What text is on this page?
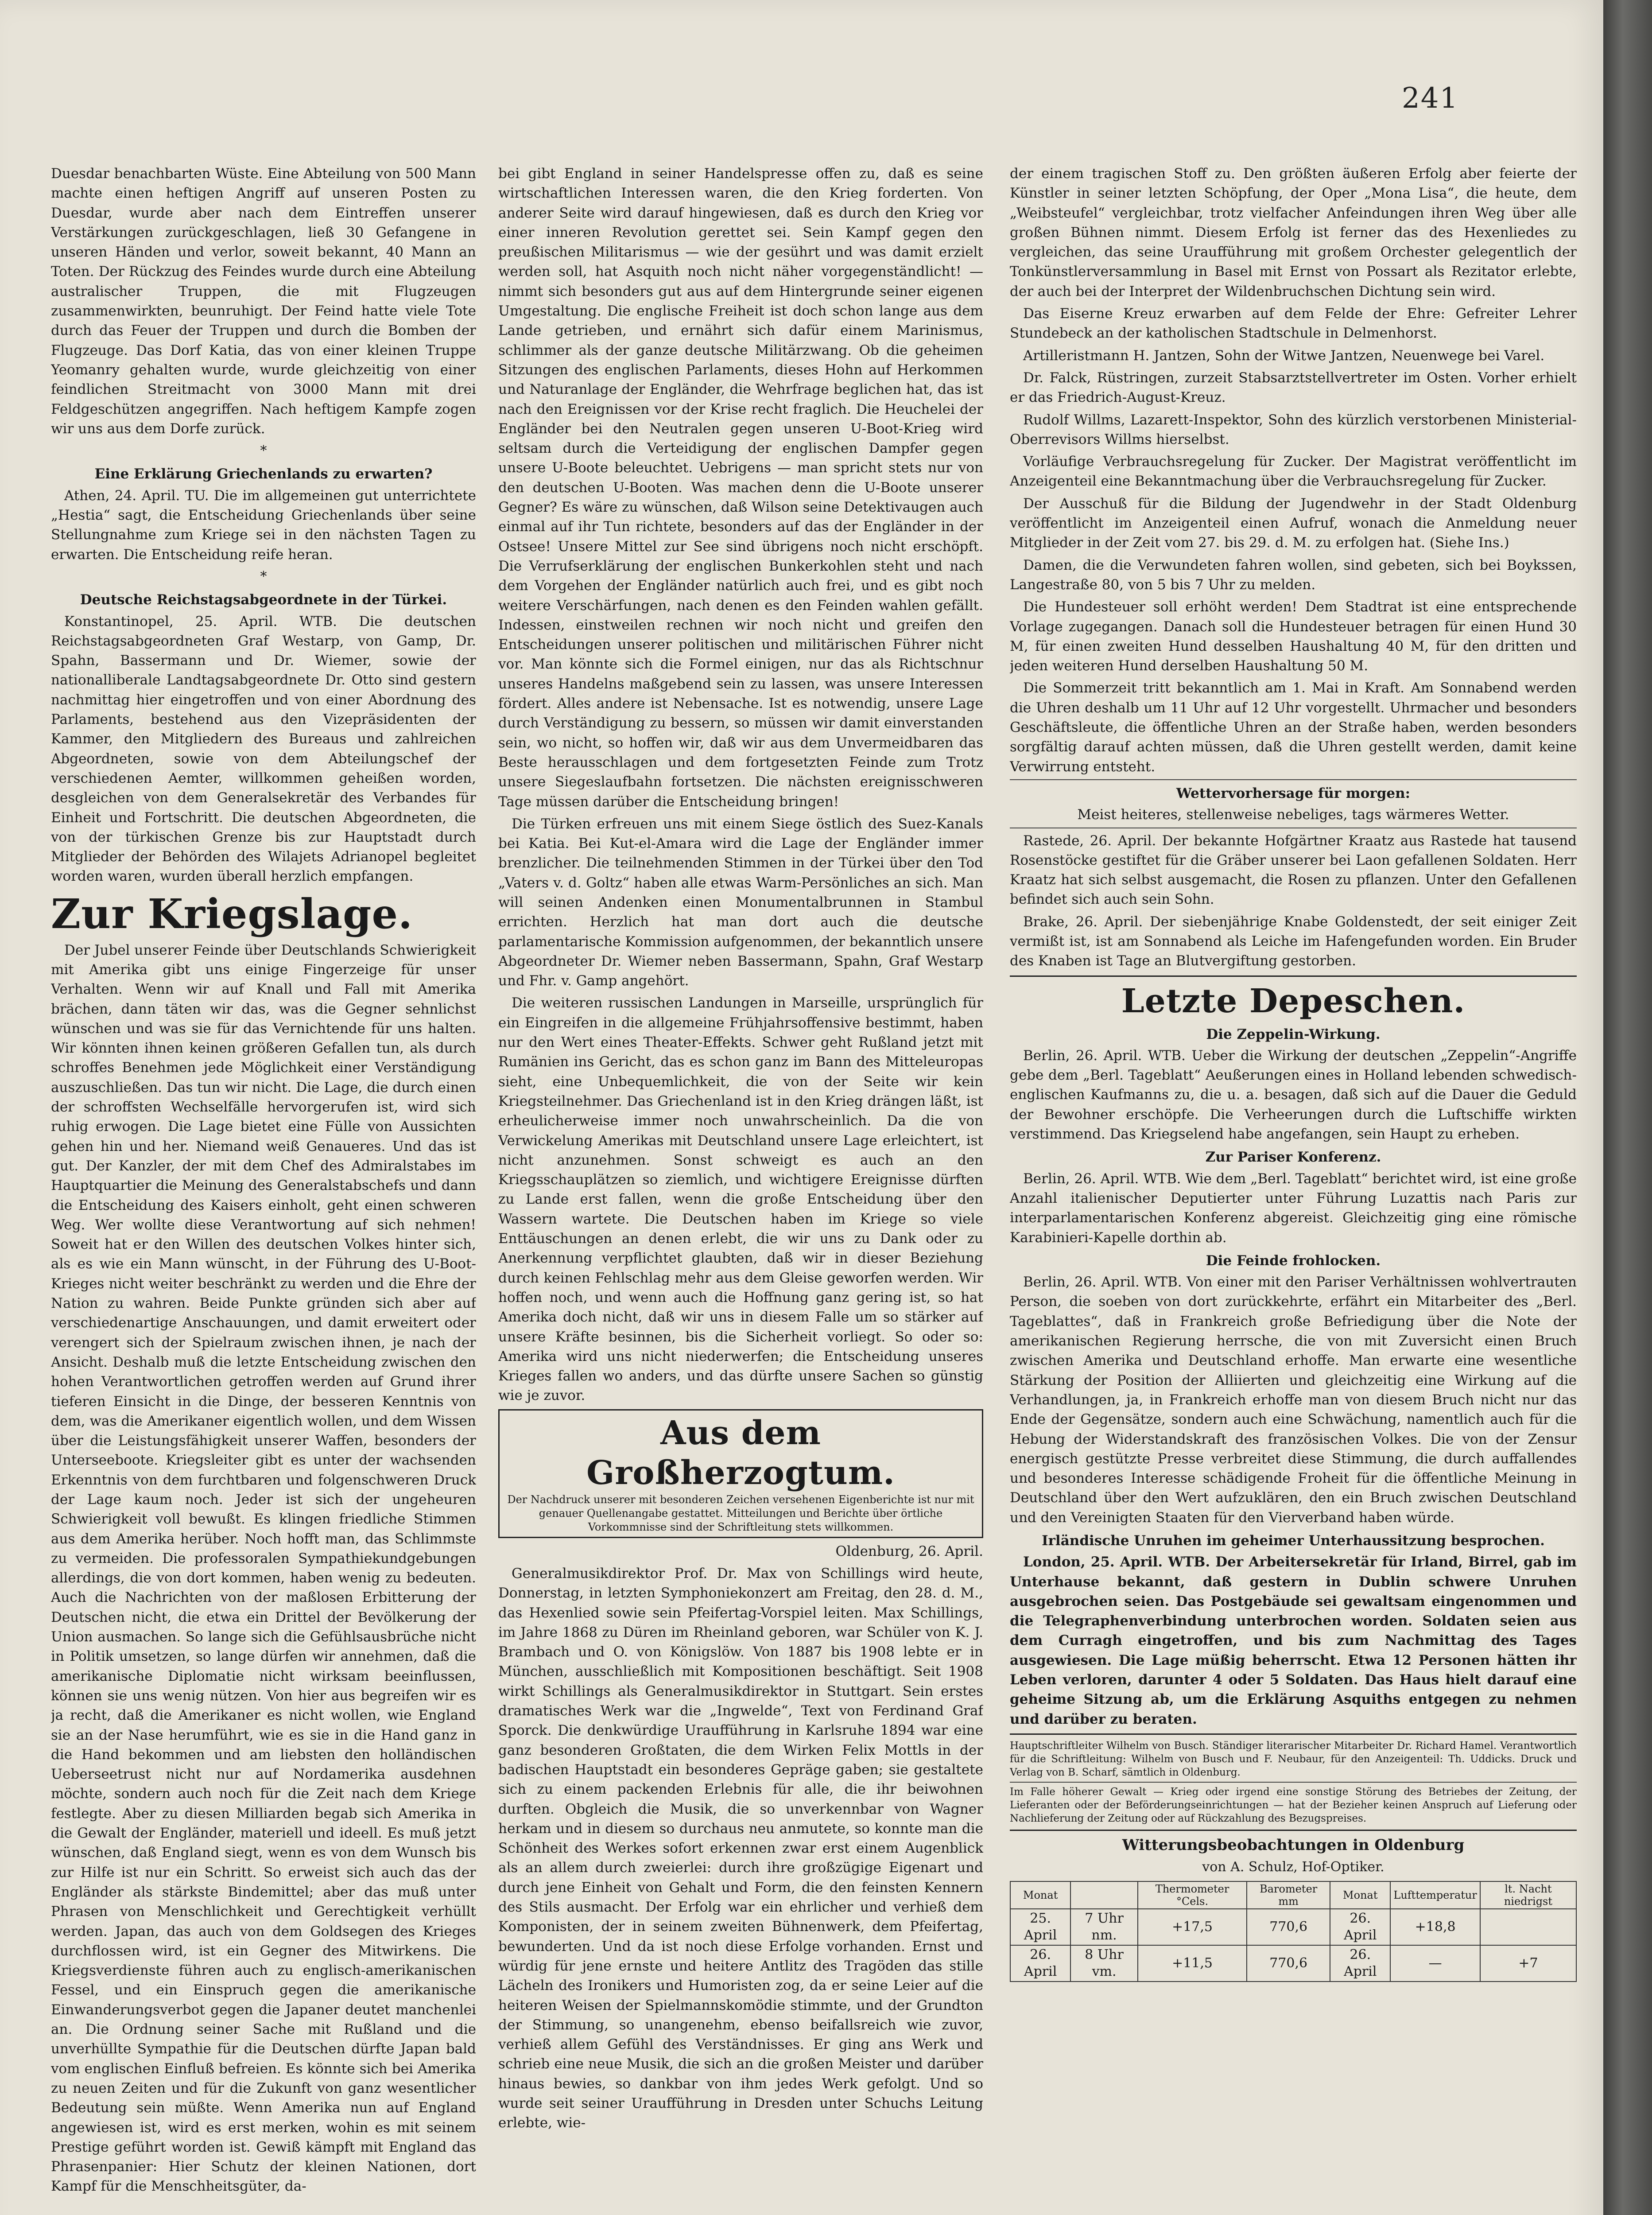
241

Duesdar benachbarten Wüste. Eine Abteilung von 500 Mann machte einen heftigen Angriff auf unseren Posten zu Duesdar, wurde aber nach dem Eintreffen unserer Verstärkungen zurückgeschlagen, ließ 30 Gefangene in unseren Händen und verlor, soweit bekannt, 40 Mann an Toten. Der Rückzug des Feindes wurde durch eine Abteilung australischer Truppen, die mit Flugzeugen zusammenwirkten, beunruhigt. Der Feind hatte viele Tote durch das Feuer der Truppen und durch die Bomben der Flugzeuge. Das Dorf Katia, das von einer kleinen Truppe Yeomanry gehalten wurde, wurde gleichzeitig von einer feindlichen Streitmacht von 3000 Mann mit drei Feldgeschützen angegriffen. Nach heftigem Kampfe zogen wir uns aus dem Dorfe zurück.

*
Eine Erklärung Griechenlands zu erwarten?

Athen, 24. April. TU. Die im allgemeinen gut unterrichtete „Hestia“ sagt, die Entscheidung Griechenlands über seine Stellungnahme zum Kriege sei in den nächsten Tagen zu erwarten. Die Entscheidung reife heran.

*
Deutsche Reichstagsabgeordnete in der Türkei.

Konstantinopel, 25. April. WTB. Die deutschen Reichstagsabgeordneten Graf Westarp, von Gamp, Dr. Spahn, Bassermann und Dr. Wiemer, sowie der nationalliberale Landtagsabgeordnete Dr. Otto sind gestern nachmittag hier eingetroffen und von einer Abordnung des Parlaments, bestehend aus den Vizepräsidenten der Kammer, den Mitgliedern des Bureaus und zahlreichen Abgeordneten, sowie von dem Abteilungschef der verschiedenen Aemter, willkommen geheißen worden, desgleichen von dem Generalsekretär des Verbandes für Einheit und Fortschritt. Die deutschen Abgeordneten, die von der türkischen Grenze bis zur Hauptstadt durch Mitglieder der Behörden des Wilajets Adrianopel begleitet worden waren, wurden überall herzlich empfangen.

Zur Kriegslage.

Der Jubel unserer Feinde über Deutschlands Schwierigkeit mit Amerika gibt uns einige Fingerzeige für unser Verhalten. Wenn wir auf Knall und Fall mit Amerika brächen, dann täten wir das, was die Gegner sehnlichst wünschen und was sie für das Vernichtende für uns halten. Wir könnten ihnen keinen größeren Gefallen tun, als durch schroffes Benehmen jede Möglichkeit einer Verständigung auszuschließen. Das tun wir nicht. Die Lage, die durch einen der schroffsten Wechselfälle hervorgerufen ist, wird sich ruhig erwogen. Die Lage bietet eine Fülle von Aussichten gehen hin und her. Niemand weiß Genaueres. Und das ist gut. Der Kanzler, der mit dem Chef des Admiralstabes im Hauptquartier die Meinung des Generalstabschefs und dann die Entscheidung des Kaisers einholt, geht einen schweren Weg. Wer wollte diese Verantwortung auf sich nehmen! Soweit hat er den Willen des deutschen Volkes hinter sich, als es wie ein Mann wünscht, in der Führung des U-Boot-Krieges nicht weiter beschränkt zu werden und die Ehre der Nation zu wahren. Beide Punkte gründen sich aber auf verschiedenartige Anschauungen, und damit erweitert oder verengert sich der Spielraum zwischen ihnen, je nach der Ansicht. Deshalb muß die letzte Entscheidung zwischen den hohen Verantwortlichen getroffen werden auf Grund ihrer tieferen Einsicht in die Dinge, der besseren Kenntnis von dem, was die Amerikaner eigentlich wollen, und dem Wissen über die Leistungsfähigkeit unserer Waffen, besonders der Unterseeboote. Kriegsleiter gibt es unter der wachsenden Erkenntnis von dem furchtbaren und folgenschweren Druck der Lage kaum noch. Jeder ist sich der ungeheuren Schwierigkeit voll bewußt. Es klingen friedliche Stimmen aus dem Amerika herüber. Noch hofft man, das Schlimmste zu vermeiden. Die professoralen Sympathiekundgebungen allerdings, die von dort kommen, haben wenig zu bedeuten. Auch die Nachrichten von der maßlosen Erbitterung der Deutschen nicht, die etwa ein Drittel der Bevölkerung der Union ausmachen. So lange sich die Gefühlsausbrüche nicht in Politik umsetzen, so lange dürfen wir annehmen, daß die amerikanische Diplomatie nicht wirksam beeinflussen, können sie uns wenig nützen. Von hier aus begreifen wir es ja recht, daß die Amerikaner es nicht wollen, wie England sie an der Nase herumführt, wie es sie in die Hand ganz in die Hand bekommen und am liebsten den holländischen Ueberseetrust nicht nur auf Nordamerika ausdehnen möchte, sondern auch noch für die Zeit nach dem Kriege festlegte. Aber zu diesen Milliarden begab sich Amerika in die Gewalt der Engländer, materiell und ideell. Es muß jetzt wünschen, daß England siegt, wenn es von dem Wunsch bis zur Hilfe ist nur ein Schritt. So erweist sich auch das der Engländer als stärkste Bindemittel; aber das muß unter Phrasen von Menschlichkeit und Gerechtigkeit verhüllt werden. Japan, das auch von dem Goldsegen des Krieges durchflossen wird, ist ein Gegner des Mitwirkens. Die Kriegsverdienste führen auch zu englisch-amerikanischen Fessel, und ein Einspruch gegen die amerikanische Einwanderungsverbot gegen die Japaner deutet manchenlei an. Die Ordnung seiner Sache mit Rußland und die unverhüllte Sympathie für die Deutschen dürfte Japan bald vom englischen Einfluß befreien. Es könnte sich bei Amerika zu neuen Zeiten und für die Zukunft von ganz wesentlicher Bedeutung sein müßte. Wenn Amerika nun auf England angewiesen ist, wird es erst merken, wohin es mit seinem Prestige geführt worden ist. Gewiß kämpft mit England das Phrasenpanier: Hier Schutz der kleinen Nationen, dort Kampf für die Menschheitsgüter, da-

bei gibt England in seiner Handelspresse offen zu, daß es seine wirtschaftlichen Interessen waren, die den Krieg forderten. Von anderer Seite wird darauf hingewiesen, daß es durch den Krieg vor einer inneren Revolution gerettet sei. Sein Kampf gegen den preußischen Militarismus — wie der gesührt und was damit erzielt werden soll, hat Asquith noch nicht näher vorgegenständlicht! — nimmt sich besonders gut aus auf dem Hintergrunde seiner eigenen Umgestaltung. Die englische Freiheit ist doch schon lange aus dem Lande getrieben, und ernährt sich dafür einem Marinismus, schlimmer als der ganze deutsche Militärzwang. Ob die geheimen Sitzungen des englischen Parlaments, dieses Hohn auf Herkommen und Naturanlage der Engländer, die Wehrfrage beglichen hat, das ist nach den Ereignissen vor der Krise recht fraglich. Die Heuchelei der Engländer bei den Neutralen gegen unseren U-Boot-Krieg wird seltsam durch die Verteidigung der englischen Dampfer gegen unsere U-Boote beleuchtet. Uebrigens — man spricht stets nur von den deutschen U-Booten. Was machen denn die U-Boote unserer Gegner? Es wäre zu wünschen, daß Wilson seine Detektivaugen auch einmal auf ihr Tun richtete, besonders auf das der Engländer in der Ostsee! Unsere Mittel zur See sind übrigens noch nicht erschöpft. Die Verrufserklärung der englischen Bunkerkohlen steht und nach dem Vorgehen der Engländer natürlich auch frei, und es gibt noch weitere Verschärfungen, nach denen es den Feinden wahlen gefällt. Indessen, einstweilen rechnen wir noch nicht und greifen den Entscheidungen unserer politischen und militärischen Führer nicht vor. Man könnte sich die Formel einigen, nur das als Richtschnur unseres Handelns maßgebend sein zu lassen, was unsere Interessen fördert. Alles andere ist Nebensache. Ist es notwendig, unsere Lage durch Verständigung zu bessern, so müssen wir damit einverstanden sein, wo nicht, so hoffen wir, daß wir aus dem Unvermeidbaren das Beste herausschlagen und dem fortgesetzten Feinde zum Trotz unsere Siegeslaufbahn fortsetzen. Die nächsten ereignisschweren Tage müssen darüber die Entscheidung bringen!

Die Türken erfreuen uns mit einem Siege östlich des Suez-Kanals bei Katia. Bei Kut-el-Amara wird die Lage der Engländer immer brenzlicher. Die teilnehmenden Stimmen in der Türkei über den Tod „Vaters v. d. Goltz“ haben alle etwas Warm-Persönliches an sich. Man will seinen Andenken einen Monumentalbrunnen in Stambul errichten. Herzlich hat man dort auch die deutsche parlamentarische Kommission aufgenommen, der bekanntlich unsere Abgeordneter Dr. Wiemer neben Bassermann, Spahn, Graf Westarp und Fhr. v. Gamp angehört.

Die weiteren russischen Landungen in Marseille, ursprünglich für ein Eingreifen in die allgemeine Frühjahrsoffensive bestimmt, haben nur den Wert eines Theater-Effekts. Schwer geht Rußland jetzt mit Rumänien ins Gericht, das es schon ganz im Bann des Mitteleuropas sieht, eine Unbequemlichkeit, die von der Seite wir kein Kriegsteilnehmer. Das Griechenland ist in den Krieg drängen läßt, ist erheulicherweise immer noch unwahrscheinlich. Da die von Verwickelung Amerikas mit Deutschland unsere Lage erleichtert, ist nicht anzunehmen. Sonst schweigt es auch an den Kriegsschauplätzen so ziemlich, und wichtigere Ereignisse dürften zu Lande erst fallen, wenn die große Entscheidung über den Wassern wartete. Die Deutschen haben im Kriege so viele Enttäuschungen an denen erlebt, die wir uns zu Dank oder zu Anerkennung verpflichtet glaubten, daß wir in dieser Beziehung durch keinen Fehlschlag mehr aus dem Gleise geworfen werden. Wir hoffen noch, und wenn auch die Hoffnung ganz gering ist, so hat Amerika doch nicht, daß wir uns in diesem Falle um so stärker auf unsere Kräfte besinnen, bis die Sicherheit vorliegt. So oder so: Amerika wird uns nicht niederwerfen; die Entscheidung unseres Krieges fallen wo anders, und das dürfte unsere Sachen so günstig wie je zuvor.

Aus dem Großherzogtum.
Der Nachdruck unserer mit besonderen Zeichen versehenen Eigenberichte ist nur mit genauer Quellenangabe gestattet. Mitteilungen und Berichte über örtliche Vorkommnisse sind der Schriftleitung stets willkommen.

Oldenburg, 26. April.

Generalmusikdirektor Prof. Dr. Max von Schillings wird heute, Donnerstag, in letzten Symphoniekonzert am Freitag, den 28. d. M., das Hexenlied sowie sein Pfeifertag-Vorspiel leiten. Max Schillings, im Jahre 1868 zu Düren im Rheinland geboren, war Schüler von K. J. Brambach und O. von Königslöw. Von 1887 bis 1908 lebte er in München, ausschließlich mit Kompositionen beschäftigt. Seit 1908 wirkt Schillings als Generalmusikdirektor in Stuttgart. Sein erstes dramatisches Werk war die „Ingwelde“, Text von Ferdinand Graf Sporck. Die denkwürdige Uraufführung in Karlsruhe 1894 war eine ganz besonderen Großtaten, die dem Wirken Felix Mottls in der badischen Hauptstadt ein besonderes Gepräge gaben; sie gestaltete sich zu einem packenden Erlebnis für alle, die ihr beiwohnen durften. Obgleich die Musik, die so unverkennbar von Wagner herkam und in diesem so durchaus neu anmutete, so konnte man die Schönheit des Werkes sofort erkennen zwar erst einem Augenblick als an allem durch zweierlei: durch ihre großzügige Eigenart und durch jene Einheit von Gehalt und Form, die den feinsten Kennern des Stils ausmacht. Der Erfolg war ein ehrlicher und verhieß dem Komponisten, der in seinem zweiten Bühnenwerk, dem Pfeifertag, bewunderten. Und da ist noch diese Erfolge vorhanden. Ernst und würdig für jene ernste und heitere Antlitz des Tragöden das stille Lächeln des Ironikers und Humoristen zog, da er seine Leier auf die heiteren Weisen der Spielmannskomödie stimmte, und der Grundton der Stimmung, so unangenehm, ebenso beifallsreich wie zuvor, verhieß allem Gefühl des Verständnisses. Er ging ans Werk und schrieb eine neue Musik, die sich an die großen Meister und darüber hinaus bewies, so dankbar von ihm jedes Werk gefolgt. Und so wurde seit seiner Uraufführung in Dresden unter Schuchs Leitung erlebte, wie-

der einem tragischen Stoff zu. Den größten äußeren Erfolg aber feierte der Künstler in seiner letzten Schöpfung, der Oper „Mona Lisa“, die heute, dem „Weibsteufel“ vergleichbar, trotz vielfacher Anfeindungen ihren Weg über alle großen Bühnen nimmt. Diesem Erfolg ist ferner das des Hexenliedes zu vergleichen, das seine Uraufführung mit großem Orchester gelegentlich der Tonkünstlerversammlung in Basel mit Ernst von Possart als Rezitator erlebte, der auch bei der Interpret der Wildenbruchschen Dichtung sein wird.

Das Eiserne Kreuz erwarben auf dem Felde der Ehre: Gefreiter Lehrer Stundebeck an der katholischen Stadtschule in Delmenhorst.

Artilleristmann H. Jantzen, Sohn der Witwe Jantzen, Neuenwege bei Varel.

Dr. Falck, Rüstringen, zurzeit Stabsarztstellvertreter im Osten. Vorher erhielt er das Friedrich-August-Kreuz.

Rudolf Willms, Lazarett-Inspektor, Sohn des kürzlich verstorbenen Ministerial-Oberrevisors Willms hierselbst.

Vorläufige Verbrauchsregelung für Zucker. Der Magistrat veröffentlicht im Anzeigenteil eine Bekanntmachung über die Verbrauchsregelung für Zucker.

Der Ausschuß für die Bildung der Jugendwehr in der Stadt Oldenburg veröffentlicht im Anzeigenteil einen Aufruf, wonach die Anmeldung neuer Mitglieder in der Zeit vom 27. bis 29. d. M. zu erfolgen hat. (Siehe Ins.)

Damen, die die Verwundeten fahren wollen, sind gebeten, sich bei Boykssen, Langestraße 80, von 5 bis 7 Uhr zu melden.

Die Hundesteuer soll erhöht werden! Dem Stadtrat ist eine entsprechende Vorlage zugegangen. Danach soll die Hundesteuer betragen für einen Hund 30 M, für einen zweiten Hund desselben Haushaltung 40 M, für den dritten und jeden weiteren Hund derselben Haushaltung 50 M.

Die Sommerzeit tritt bekanntlich am 1. Mai in Kraft. Am Sonnabend werden die Uhren deshalb um 11 Uhr auf 12 Uhr vorgestellt. Uhrmacher und besonders Geschäftsleute, die öffentliche Uhren an der Straße haben, werden besonders sorgfältig darauf achten müssen, daß die Uhren gestellt werden, damit keine Verwirrung entsteht.

Wettervorhersage für morgen:

Meist heiteres, stellenweise nebeliges, tags wärmeres Wetter.

Rastede, 26. April. Der bekannte Hofgärtner Kraatz aus Rastede hat tausend Rosenstöcke gestiftet für die Gräber unserer bei Laon gefallenen Soldaten. Herr Kraatz hat sich selbst ausgemacht, die Rosen zu pflanzen. Unter den Gefallenen befindet sich auch sein Sohn.

Brake, 26. April. Der siebenjährige Knabe Goldenstedt, der seit einiger Zeit vermißt ist, ist am Sonnabend als Leiche im Hafengefunden worden. Ein Bruder des Knaben ist Tage an Blutvergiftung gestorben.

Letzte Depeschen.
Die Zeppelin-Wirkung.

Berlin, 26. April. WTB. Ueber die Wirkung der deutschen „Zeppelin“-Angriffe gebe dem „Berl. Tageblatt“ Aeußerungen eines in Holland lebenden schwedisch-englischen Kaufmanns zu, die u. a. besagen, daß sich auf die Dauer die Geduld der Bewohner erschöpfe. Die Verheerungen durch die Luftschiffe wirkten verstimmend. Das Kriegselend habe angefangen, sein Haupt zu erheben.

Zur Pariser Konferenz.

Berlin, 26. April. WTB. Wie dem „Berl. Tageblatt“ berichtet wird, ist eine große Anzahl italienischer Deputierter unter Führung Luzattis nach Paris zur interparlamentarischen Konferenz abgereist. Gleichzeitig ging eine römische Karabinieri-Kapelle dorthin ab.

Die Feinde frohlocken.

Berlin, 26. April. WTB. Von einer mit den Pariser Verhältnissen wohlvertrauten Person, die soeben von dort zurückkehrte, erfährt ein Mitarbeiter des „Berl. Tageblattes“, daß in Frankreich große Befriedigung über die Note der amerikanischen Regierung herrsche, die von mit Zuversicht einen Bruch zwischen Amerika und Deutschland erhoffe. Man erwarte eine wesentliche Stärkung der Position der Alliierten und gleichzeitig eine Wirkung auf die Verhandlungen, ja, in Frankreich erhoffe man von diesem Bruch nicht nur das Ende der Gegensätze, sondern auch eine Schwächung, namentlich auch für die Hebung der Widerstandskraft des französischen Volkes. Die von der Zensur energisch gestützte Presse verbreitet diese Stimmung, die durch auffallendes und besonderes Interesse schädigende Froheit für die öffentliche Meinung in Deutschland über den Wert aufzuklären, den ein Bruch zwischen Deutschland und den Vereinigten Staaten für den Vierverband haben würde.

Irländische Unruhen im geheimer Unterhaussitzung besprochen.

London, 25. April. WTB. Der Arbeitersekretär für Irland, Birrel, gab im Unterhause bekannt, daß gestern in Dublin schwere Unruhen ausgebrochen seien. Das Postgebäude sei gewaltsam eingenommen und die Telegraphenverbindung unterbrochen worden. Soldaten seien aus dem Curragh eingetroffen, und bis zum Nachmittag des Tages ausgewiesen. Die Lage müßig beherrscht. Etwa 12 Personen hätten ihr Leben verloren, darunter 4 oder 5 Soldaten. Das Haus hielt darauf eine geheime Sitzung ab, um die Erklärung Asquiths entgegen zu nehmen und darüber zu beraten.

Hauptschriftleiter Wilhelm von Busch. Ständiger literarischer Mitarbeiter Dr. Richard Hamel. Verantwortlich für die Schriftleitung: Wilhelm von Busch und F. Neubaur, für den Anzeigenteil: Th. Uddicks. Druck und Verlag von B. Scharf, sämtlich in Oldenburg.
Im Falle höherer Gewalt — Krieg oder irgend eine sonstige Störung des Betriebes der Zeitung, der Lieferanten oder der Beförderungseinrichtungen — hat der Bezieher keinen Anspruch auf Lieferung oder Nachlieferung der Zeitung oder auf Rückzahlung des Bezugspreises.
Witterungsbeobachtungen in Oldenburg
von A. Schulz, Hof-Optiker.
Monat		Thermometer °Cels.	Barometer mm	Monat	Lufttemperatur	lt. Nacht niedrigst
25. April	7 Uhr nm.	+17,5	770,6	26. April	+18,8	
26. April	8 Uhr vm.	+11,5	770,6	26. April	—	+7
